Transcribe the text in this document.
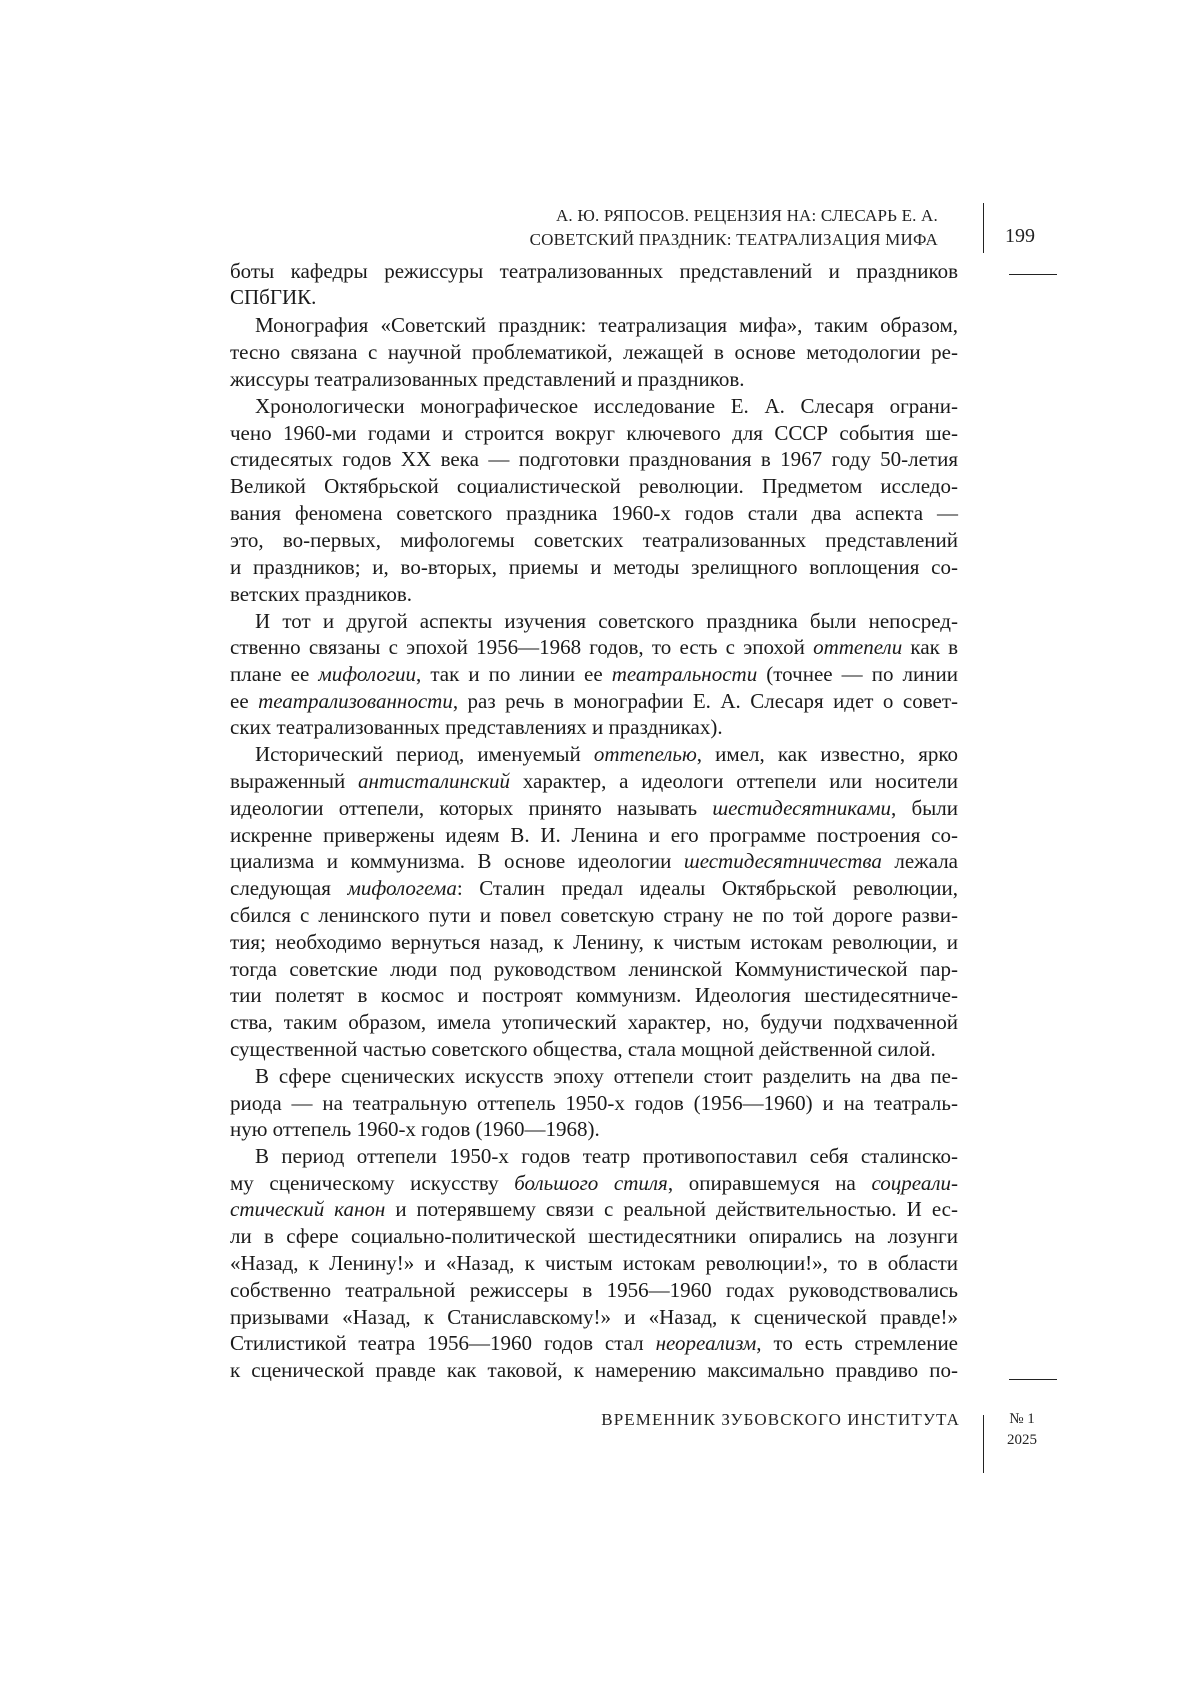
А. Ю. РЯПОСОВ. РЕЦЕНЗИЯ НА: СЛЕСАРЬ Е. А.
СОВЕТСКИЙ ПРАЗДНИК: ТЕАТРАЛИЗАЦИЯ МИФА	199
боты кафедры режиссуры театрализованных представлений и праздников
СПбГИК.
Монография «Советский праздник: театрализация мифа», таким образом,
тесно связана с научной проблематикой, лежащей в основе методологии ре-
жиссуры театрализованных представлений и праздников.
Хронологически монографическое исследование Е. А. Слесаря ограни-
чено 1960-ми годами и строится вокруг ключевого для СССР события ше-
стидесятых годов XX века — подготовки празднования в 1967 году 50-летия
Великой Октябрьской социалистической революции. Предметом исследо-
вания феномена советского праздника 1960-х годов стали два аспекта —
это, во-первых, мифологемы советских театрализованных представлений
и праздников; и, во-вторых, приемы и методы зрелищного воплощения со-
ветских праздников.
И тот и другой аспекты изучения советского праздника были непосред-
ственно связаны с эпохой 1956—1968 годов, то есть с эпохой оттепели как в
плане ее мифологии, так и по линии ее театральности (точнее — по линии
ее театрализованности, раз речь в монографии Е. А. Слесаря идет о совет-
ских театрализованных представлениях и праздниках).
Исторический период, именуемый оттепелью, имел, как известно, ярко
выраженный антисталинский характер, а идеологи оттепели или носители
идеологии оттепели, которых принято называть шестидесятниками, были
искренне привержены идеям В. И. Ленина и его программе построения со-
циализма и коммунизма. В основе идеологии шестидесятничества лежала
следующая мифологема: Сталин предал идеалы Октябрьской революции,
сбился с ленинского пути и повел советскую страну не по той дороге разви-
тия; необходимо вернуться назад, к Ленину, к чистым истокам революции, и
тогда советские люди под руководством ленинской Коммунистической пар-
тии полетят в космос и построят коммунизм. Идеология шестидесятниче-
ства, таким образом, имела утопический характер, но, будучи подхваченной
существенной частью советского общества, стала мощной действенной силой.
В сфере сценических искусств эпоху оттепели стоит разделить на два пе-
риода — на театральную оттепель 1950-х годов (1956—1960) и на театраль-
ную оттепель 1960-х годов (1960—1968).
В период оттепели 1950-х годов театр противопоставил себя сталинско-
му сценическому искусству большого стиля, опиравшемуся на соцреали-
стический канон и потерявшему связи с реальной действительностью. И ес-
ли в сфере социально-политической шестидесятники опирались на лозунги
«Назад, к Ленину!» и «Назад, к чистым истокам революции!», то в области
собственно театральной режиссеры в 1956—1960 годах руководствовались
призывами «Назад, к Станиславскому!» и «Назад, к сценической правде!»
Стилистикой театра 1956—1960 годов стал неореализм, то есть стремление
к сценической правде как таковой, к намерению максимально правдиво по-
ВРЕМЕННИК ЗУБОВСКОГО ИНСТИТУТА	№ 1
2025
